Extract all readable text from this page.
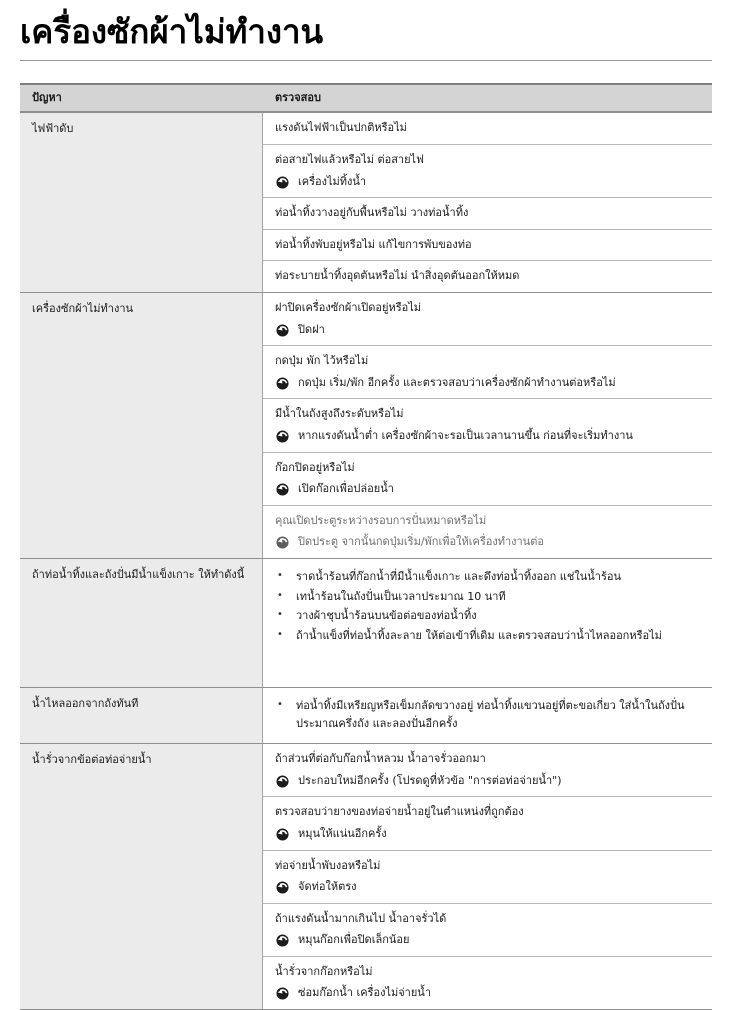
เครื่องซักผ้าไม่ทำงาน
ปัญหา	ตรวจสอบ
ไฟฟ้าดับ	แรงดันไฟฟ้าเป็นปกติหรือไม่
ต่อสายไฟแล้วหรือไม่ ต่อสายไฟ
เครื่องไม่ทิ้งน้ำ
ท่อน้ำทิ้งวางอยู่กับพื้นหรือไม่ วางท่อน้ำทิ้ง
ท่อน้ำทิ้งพับอยู่หรือไม่ แก้ไขการพับของท่อ
ท่อระบายน้ำทิ้งอุดตันหรือไม่ นำสิ่งอุดตันออกให้หมด
เครื่องซักผ้าไม่ทำงาน	ฝาปิดเครื่องซักผ้าเปิดอยู่หรือไม่
ปิดฝา
กดปุ่ม พัก ไว้หรือไม่
กดปุ่ม เริ่ม/พัก อีกครั้ง และตรวจสอบว่าเครื่องซักผ้าทำงานต่อหรือไม่
มีน้ำในถังสูงถึงระดับหรือไม่
หากแรงดันน้ำต่ำ เครื่องซักผ้าจะรอเป็นเวลานานขึ้น ก่อนที่จะเริ่มทำงาน
ก๊อกปิดอยู่หรือไม่
เปิดก๊อกเพื่อปล่อยน้ำ
คุณเปิดประตูระหว่างรอบการปั่นหมาดหรือไม่
ปิดประตู จากนั้นกดปุ่มเริ่ม/พักเพื่อให้เครื่องทำงานต่อ
ถ้าท่อน้ำทิ้งและถังปั่นมีน้ำแข็งเกาะ ให้ทำดังนี้	•	ราดน้ำร้อนที่ก๊อกน้ำที่มีน้ำแข็งเกาะ และดึงท่อน้ำทิ้งออก แช่ในน้ำร้อน
•	เทน้ำร้อนในถังปั่นเป็นเวลาประมาณ 10 นาที
•	วางผ้าชุบน้ำร้อนบนข้อต่อของท่อน้ำทิ้ง
•	ถ้าน้ำแข็งที่ท่อน้ำทิ้งละลาย ให้ต่อเข้าที่เดิม และตรวจสอบว่าน้ำไหลออกหรือไม่
น้ำไหลออกจากถังทันที	•	ท่อน้ำทิ้งมีเหรียญหรือเข็มกลัดขวางอยู่ ท่อน้ำทิ้งแขวนอยู่ที่ตะขอเกี่ยว ใส่น้ำในถังปั่นประมาณครึ่งถัง และลองปั่นอีกครั้ง
น้ำรั่วจากข้อต่อท่อจ่ายน้ำ	ถ้าส่วนที่ต่อกับก๊อกน้ำหลวม น้ำอาจรั่วออกมา
ประกอบใหม่อีกครั้ง (โปรดดูที่หัวข้อ "การต่อท่อจ่ายน้ำ")
ตรวจสอบว่ายางของท่อจ่ายน้ำอยู่ในตำแหน่งที่ถูกต้อง
หมุนให้แน่นอีกครั้ง
ท่อจ่ายน้ำพับงอหรือไม่
จัดท่อให้ตรง
ถ้าแรงดันน้ำมากเกินไป น้ำอาจรั่วได้
หมุนก๊อกเพื่อปิดเล็กน้อย
น้ำรั่วจากก๊อกหรือไม่
ซ่อมก๊อกน้ำ เครื่องไม่จ่ายน้ำ
